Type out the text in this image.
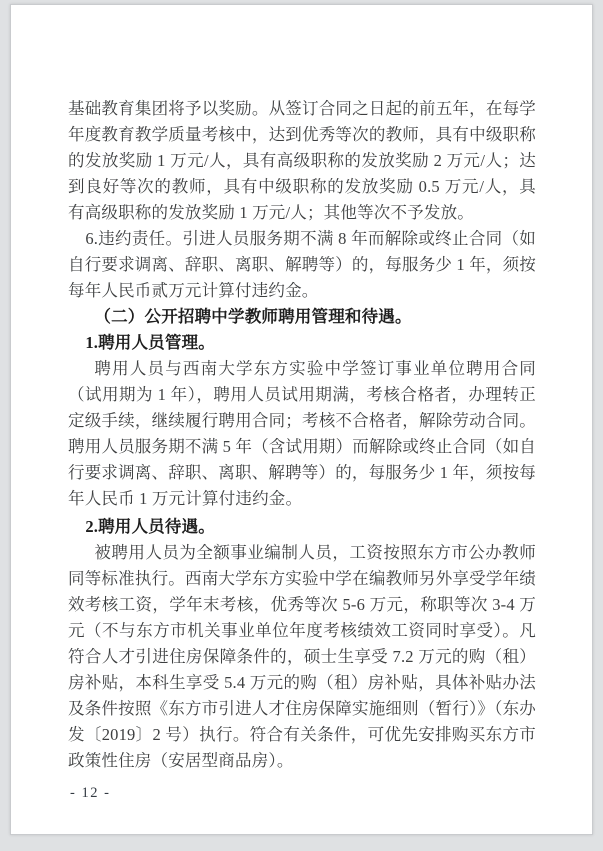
基础教育集团将予以奖励。从签订合同之日起的前五年，在每学年度教育教学质量考核中，达到优秀等次的教师，具有中级职称的发放奖励 1 万元/人，具有高级职称的发放奖励 2 万元/人；达到良好等次的教师，具有中级职称的发放奖励 0.5 万元/人，具有高级职称的发放奖励 1 万元/人；其他等次不予发放。

6.违约责任。引进人员服务期不满 8 年而解除或终止合同（如自行要求调离、辞职、离职、解聘等）的，每服务少 1 年，须按每年人民币贰万元计算付违约金。

（二）公开招聘中学教师聘用管理和待遇。

1.聘用人员管理。

聘用人员与西南大学东方实验中学签订事业单位聘用合同（试用期为 1 年），聘用人员试用期满，考核合格者，办理转正定级手续，继续履行聘用合同；考核不合格者，解除劳动合同。聘用人员服务期不满 5 年（含试用期）而解除或终止合同（如自行要求调离、辞职、离职、解聘等）的，每服务少 1 年，须按每年人民币 1 万元计算付违约金。

2.聘用人员待遇。

被聘用人员为全额事业编制人员，工资按照东方市公办教师同等标准执行。西南大学东方实验中学在编教师另外享受学年绩效考核工资，学年末考核，优秀等次 5-6 万元，称职等次 3-4 万元（不与东方市机关事业单位年度考核绩效工资同时享受）。凡符合人才引进住房保障条件的，硕士生享受 7.2 万元的购（租）房补贴，本科生享受 5.4 万元的购（租）房补贴，具体补贴办法及条件按照《东方市引进人才住房保障实施细则（暂行）》（东办发〔2019〕2 号）执行。符合有关条件，可优先安排购买东方市政策性住房（安居型商品房）。

- 12 -
